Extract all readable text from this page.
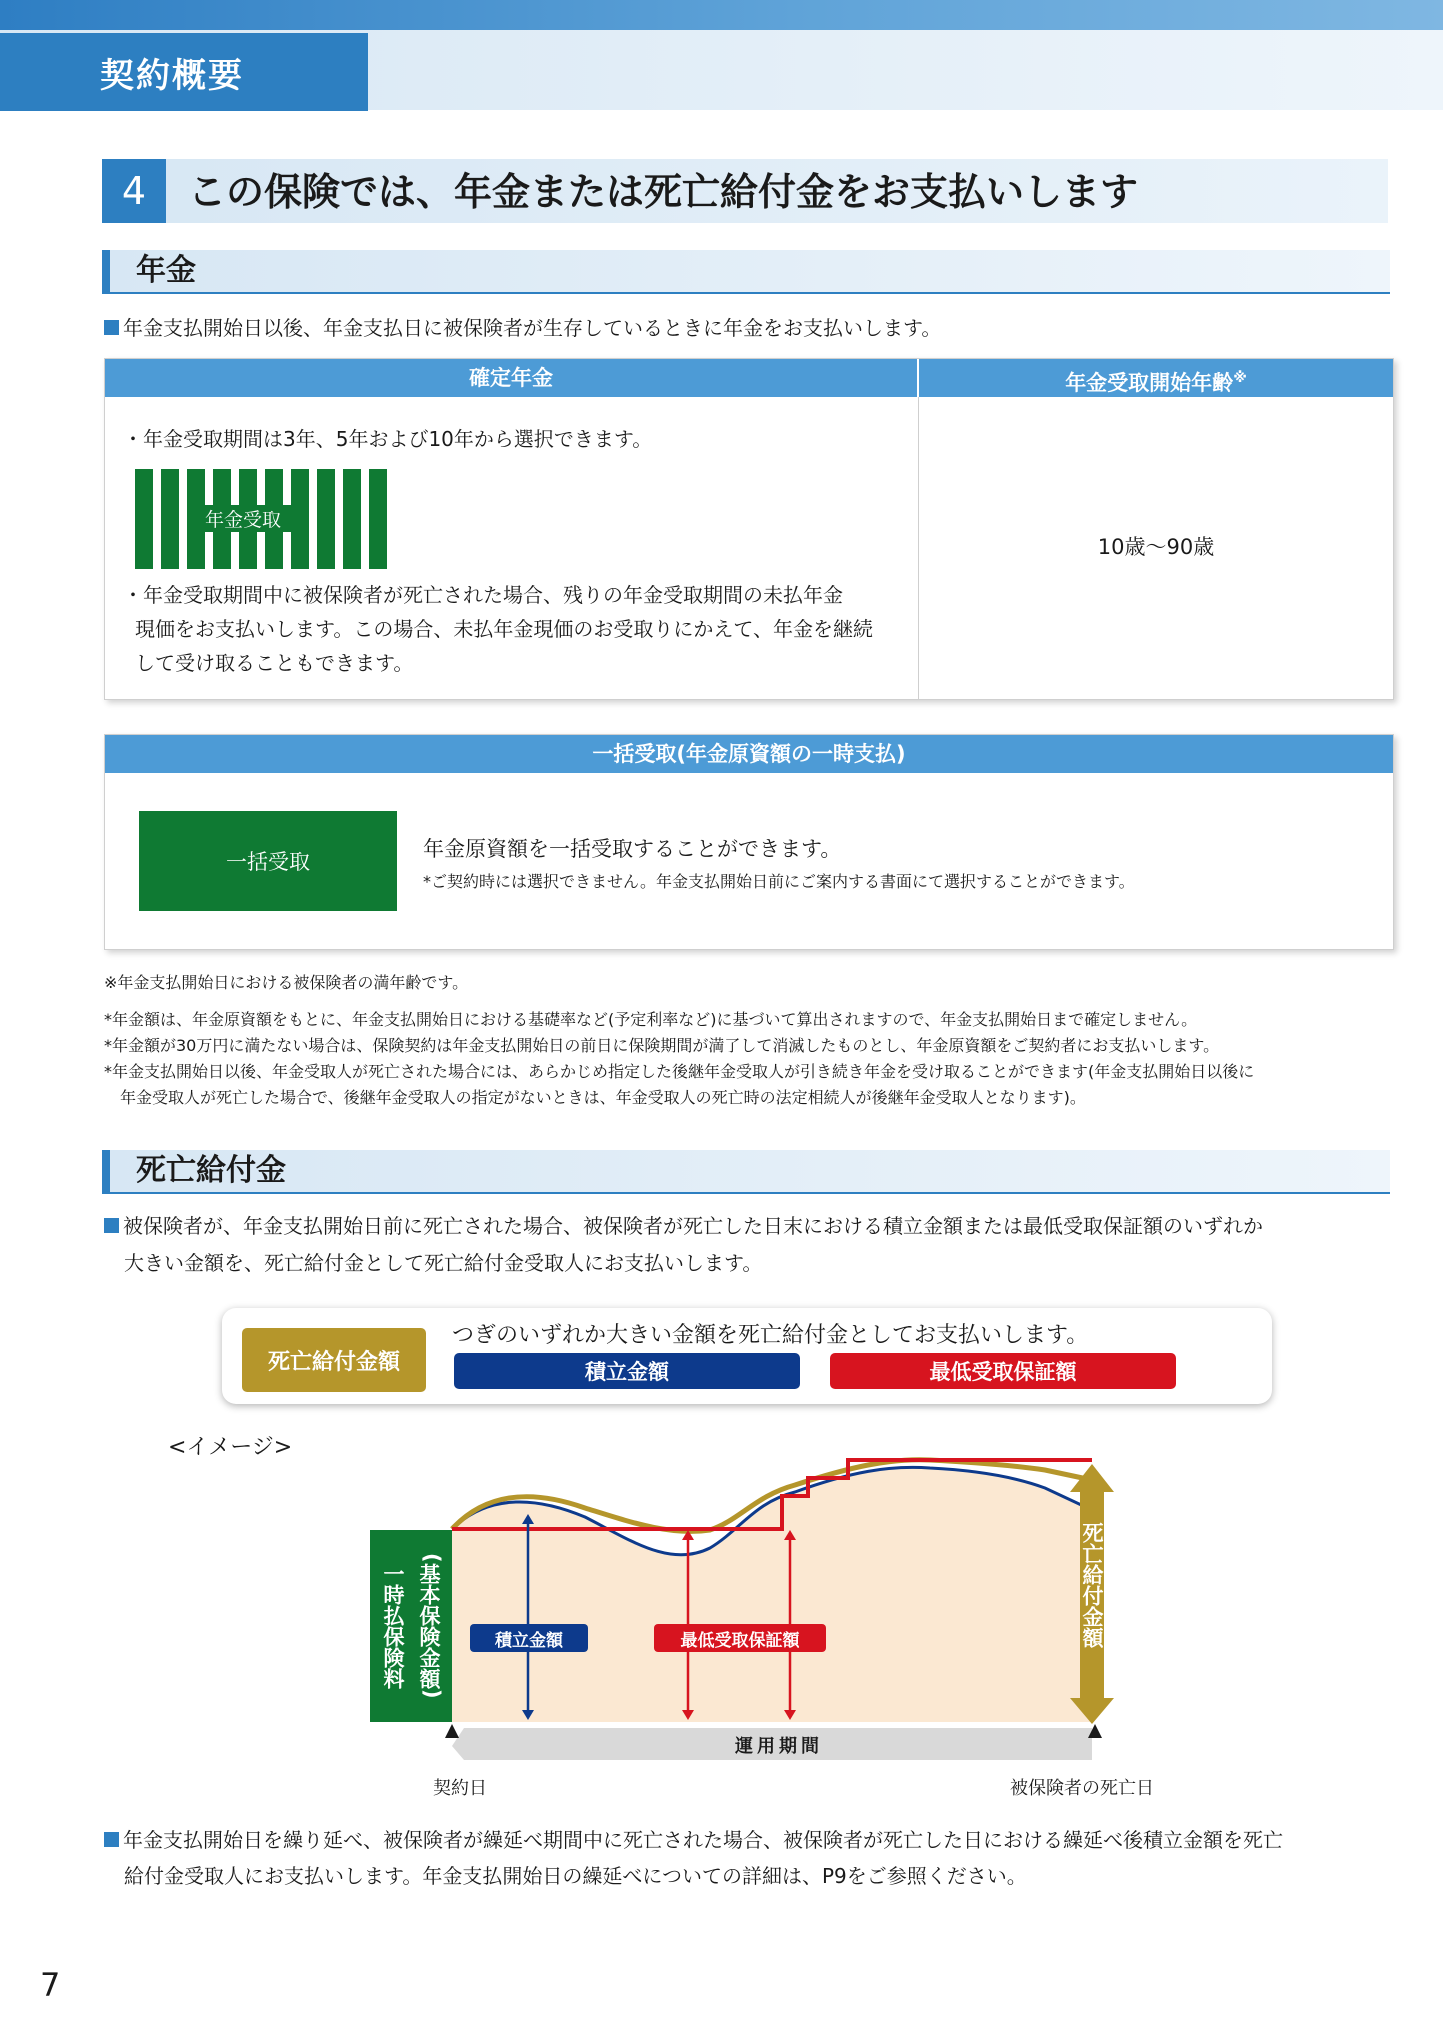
契約概要
4	この保険では、年金または死亡給付金をお支払いします
年金
年金支払開始日以後、年金支払日に被保険者が生存しているときに年金をお支払いします。
確定年金	年金受取開始年齢※
・年金受取期間は3年、5年および10年から選択できます。
年金受取
・年金受取期間中に被保険者が死亡された場合、残りの年金受取期間の未払年金
現価をお支払いします。この場合、未払年金現価のお受取りにかえて、年金を継続
して受け取ることもできます。
10歳〜90歳
一括受取(年金原資額の一時支払)
一括受取
年金原資額を一括受取することができます。
*ご契約時には選択できません。年金支払開始日前にご案内する書面にて選択することができます。
※年金支払開始日における被保険者の満年齢です。
*年金額は、年金原資額をもとに、年金支払開始日における基礎率など(予定利率など)に基づいて算出されますので、年金支払開始日まで確定しません。
*年金額が30万円に満たない場合は、保険契約は年金支払開始日の前日に保険期間が満了して消滅したものとし、年金原資額をご契約者にお支払いします。
*年金支払開始日以後、年金受取人が死亡された場合には、あらかじめ指定した後継年金受取人が引き続き年金を受け取ることができます(年金支払開始日以後に
年金受取人が死亡した場合で、後継年金受取人の指定がないときは、年金受取人の死亡時の法定相続人が後継年金受取人となります)。
死亡給付金
被保険者が、年金支払開始日前に死亡された場合、被保険者が死亡した日末における積立金額または最低受取保証額のいずれか
大きい金額を、死亡給付金として死亡給付金受取人にお支払いします。
死亡給付金額
つぎのいずれか大きい金額を死亡給付金としてお支払いします。
積立金額	最低受取保証額
<イメージ>
(
基本保険金額
)
一時払保険料	積立金額	最低受取保証額	死亡給付金額
運用期間
契約日	被保険者の死亡日
年金支払開始日を繰り延べ、被保険者が繰延べ期間中に死亡された場合、被保険者が死亡した日における繰延べ後積立金額を死亡
給付金受取人にお支払いします。年金支払開始日の繰延べについての詳細は、P9をご参照ください。
7
